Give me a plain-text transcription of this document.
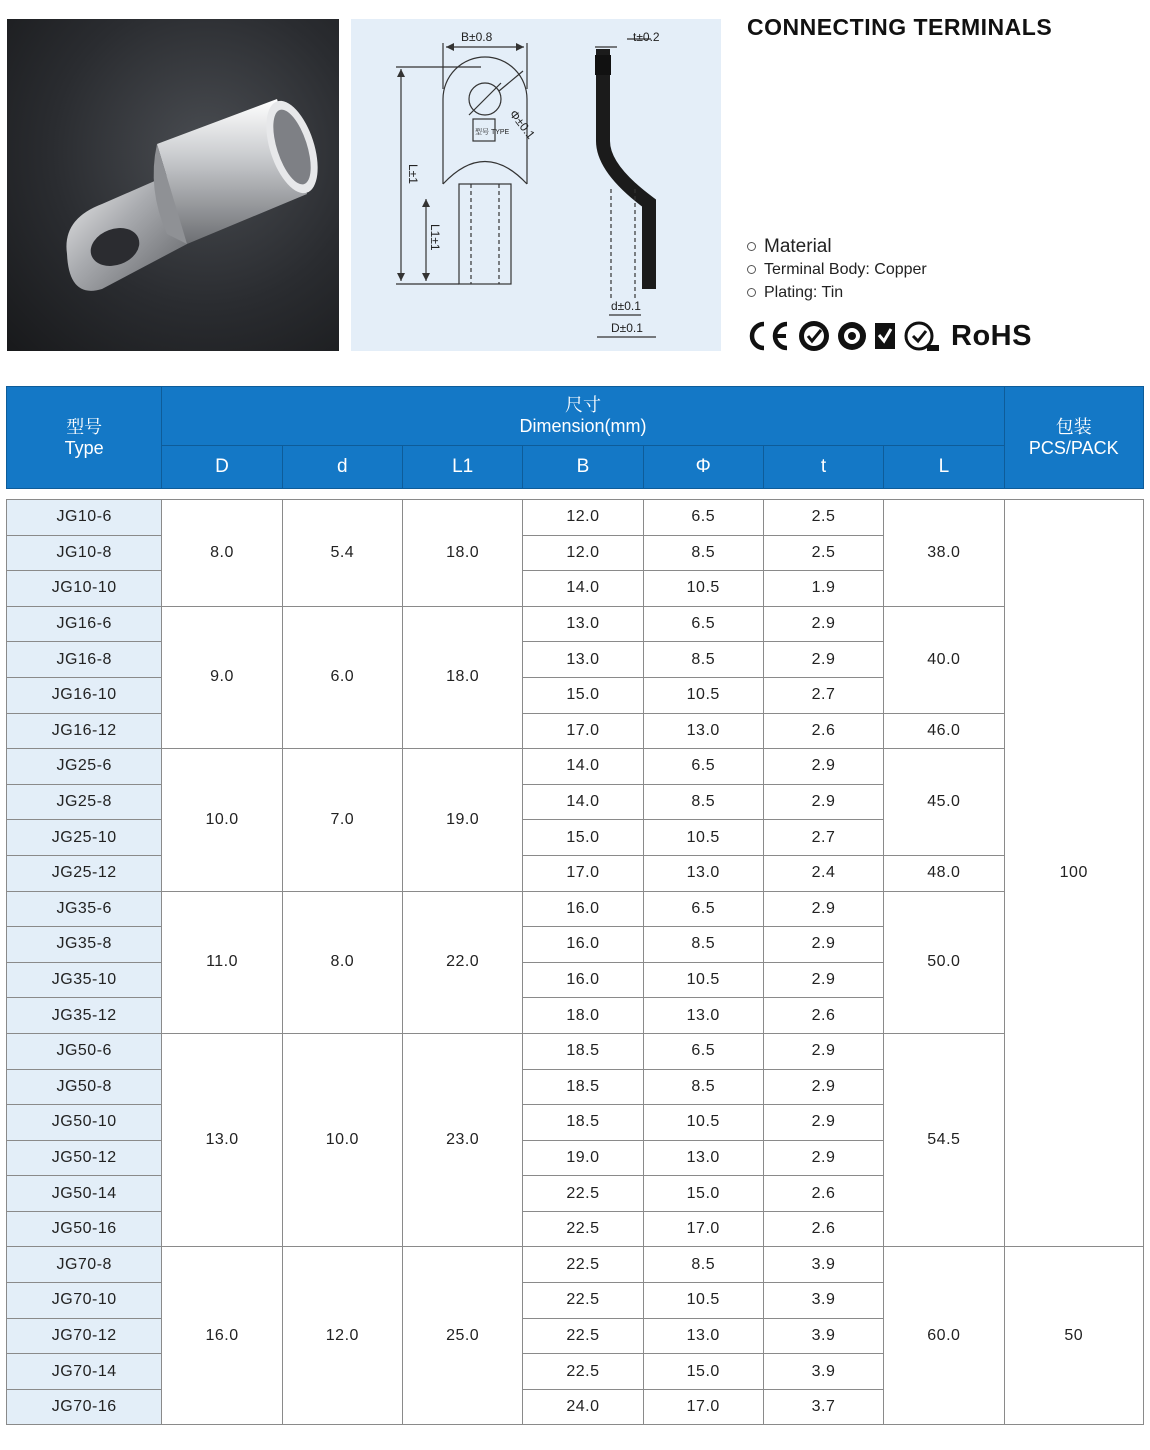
B±0.8	t±0.2
Φ±0.1
L±1
L1±1
型号 TYPE
d±0.1
D±0.1
CONNECTING TERMINALS
Material
Terminal Body: Copper
Plating: Tin
RoHS
型号
Type	尺寸
Dimension(mm)							包装
PCS/PACK

	D	d	L1	B	Φ	t	L	

JG10-6	8.0	5.4	18.0	12.0	6.5	2.5	38.0	100
JG10-8				12.0	8.5	2.5		
JG10-10				14.0	10.5	1.9		
JG16-6	9.0	6.0	18.0	13.0	6.5	2.9	40.0	
JG16-8				13.0	8.5	2.9		
JG16-10				15.0	10.5	2.7		
JG16-12				17.0	13.0	2.6	46.0	
JG25-6	10.0	7.0	19.0	14.0	6.5	2.9	45.0	
JG25-8				14.0	8.5	2.9		
JG25-10				15.0	10.5	2.7		
JG25-12				17.0	13.0	2.4	48.0	
JG35-6	11.0	8.0	22.0	16.0	6.5	2.9	50.0	
JG35-8				16.0	8.5	2.9		
JG35-10				16.0	10.5	2.9		
JG35-12				18.0	13.0	2.6		
JG50-6	13.0	10.0	23.0	18.5	6.5	2.9	54.5	
JG50-8				18.5	8.5	2.9		
JG50-10				18.5	10.5	2.9		
JG50-12				19.0	13.0	2.9		
JG50-14				22.5	15.0	2.6		
JG50-16				22.5	17.0	2.6		
JG70-8	16.0	12.0	25.0	22.5	8.5	3.9	60.0	50
JG70-10				22.5	10.5	3.9		
JG70-12				22.5	13.0	3.9		
JG70-14				22.5	15.0	3.9		
JG70-16				24.0	17.0	3.7		
